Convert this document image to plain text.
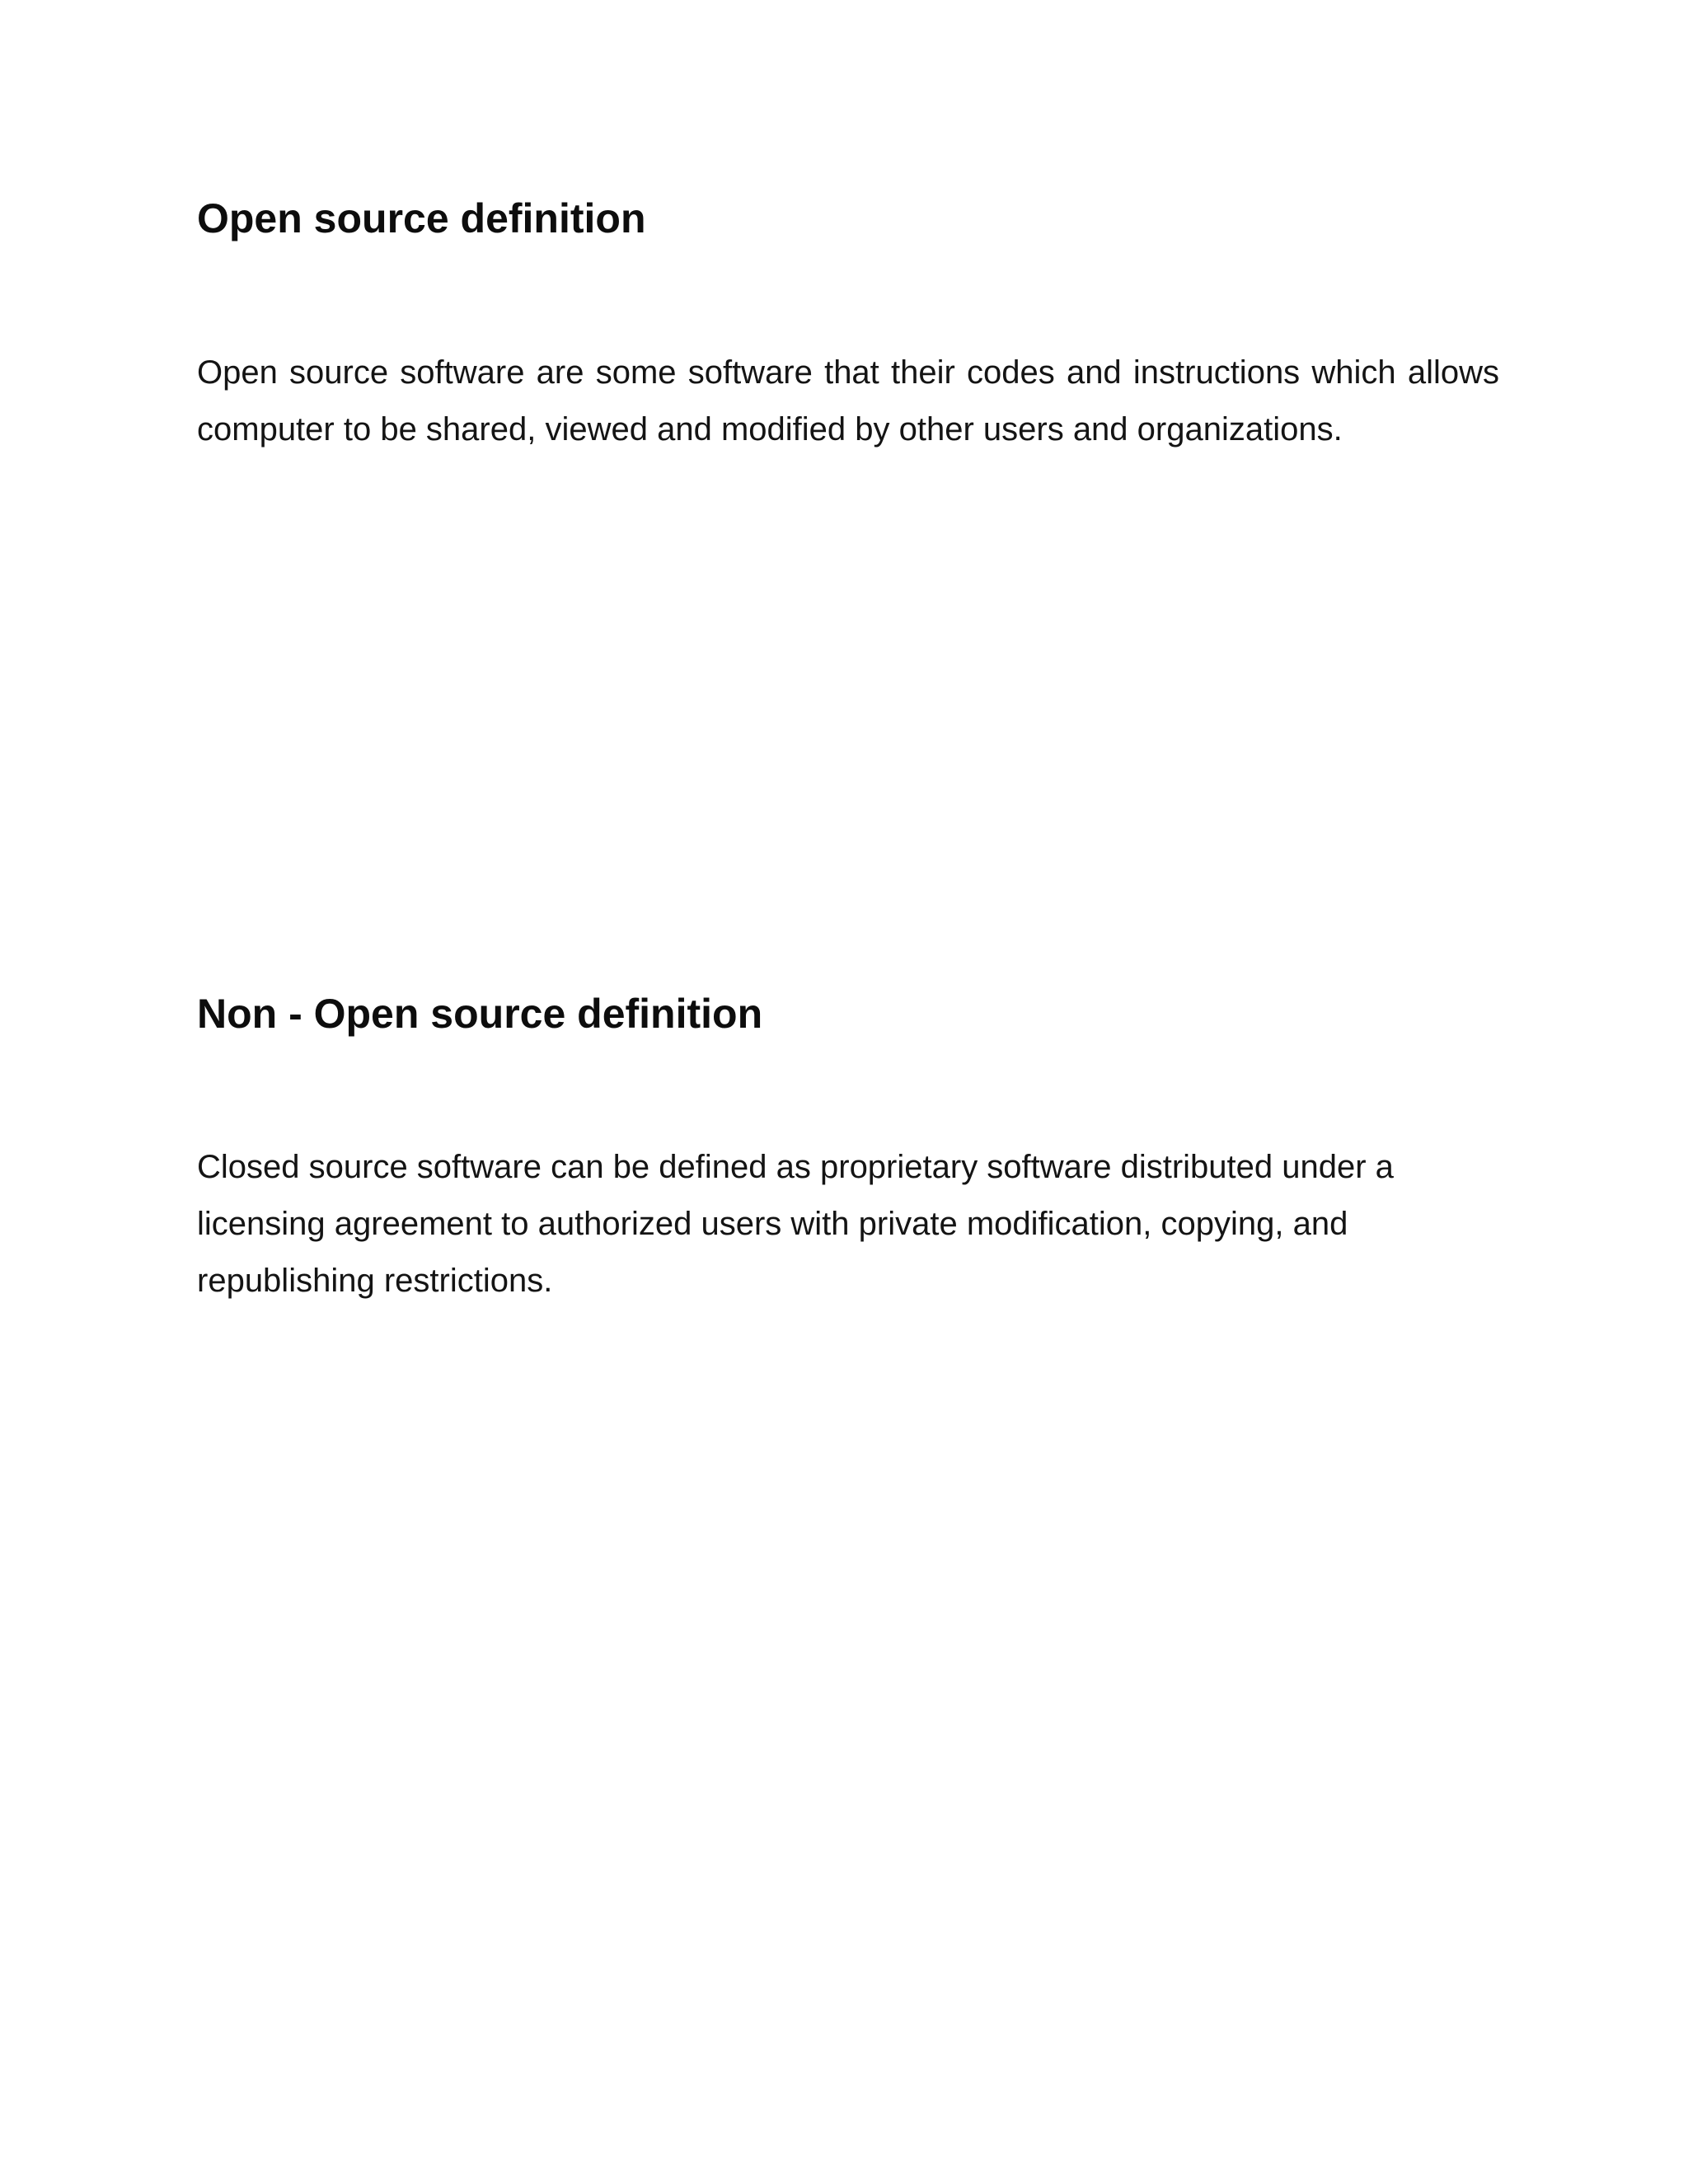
Open source definition
Open source software are some software that their codes and instructions which allows
computer to be shared, viewed and modified by other users and organizations.
Non - Open source definition
Closed source software can be defined as proprietary software distributed under a
licensing agreement to authorized users with private modification, copying, and
republishing restrictions.
